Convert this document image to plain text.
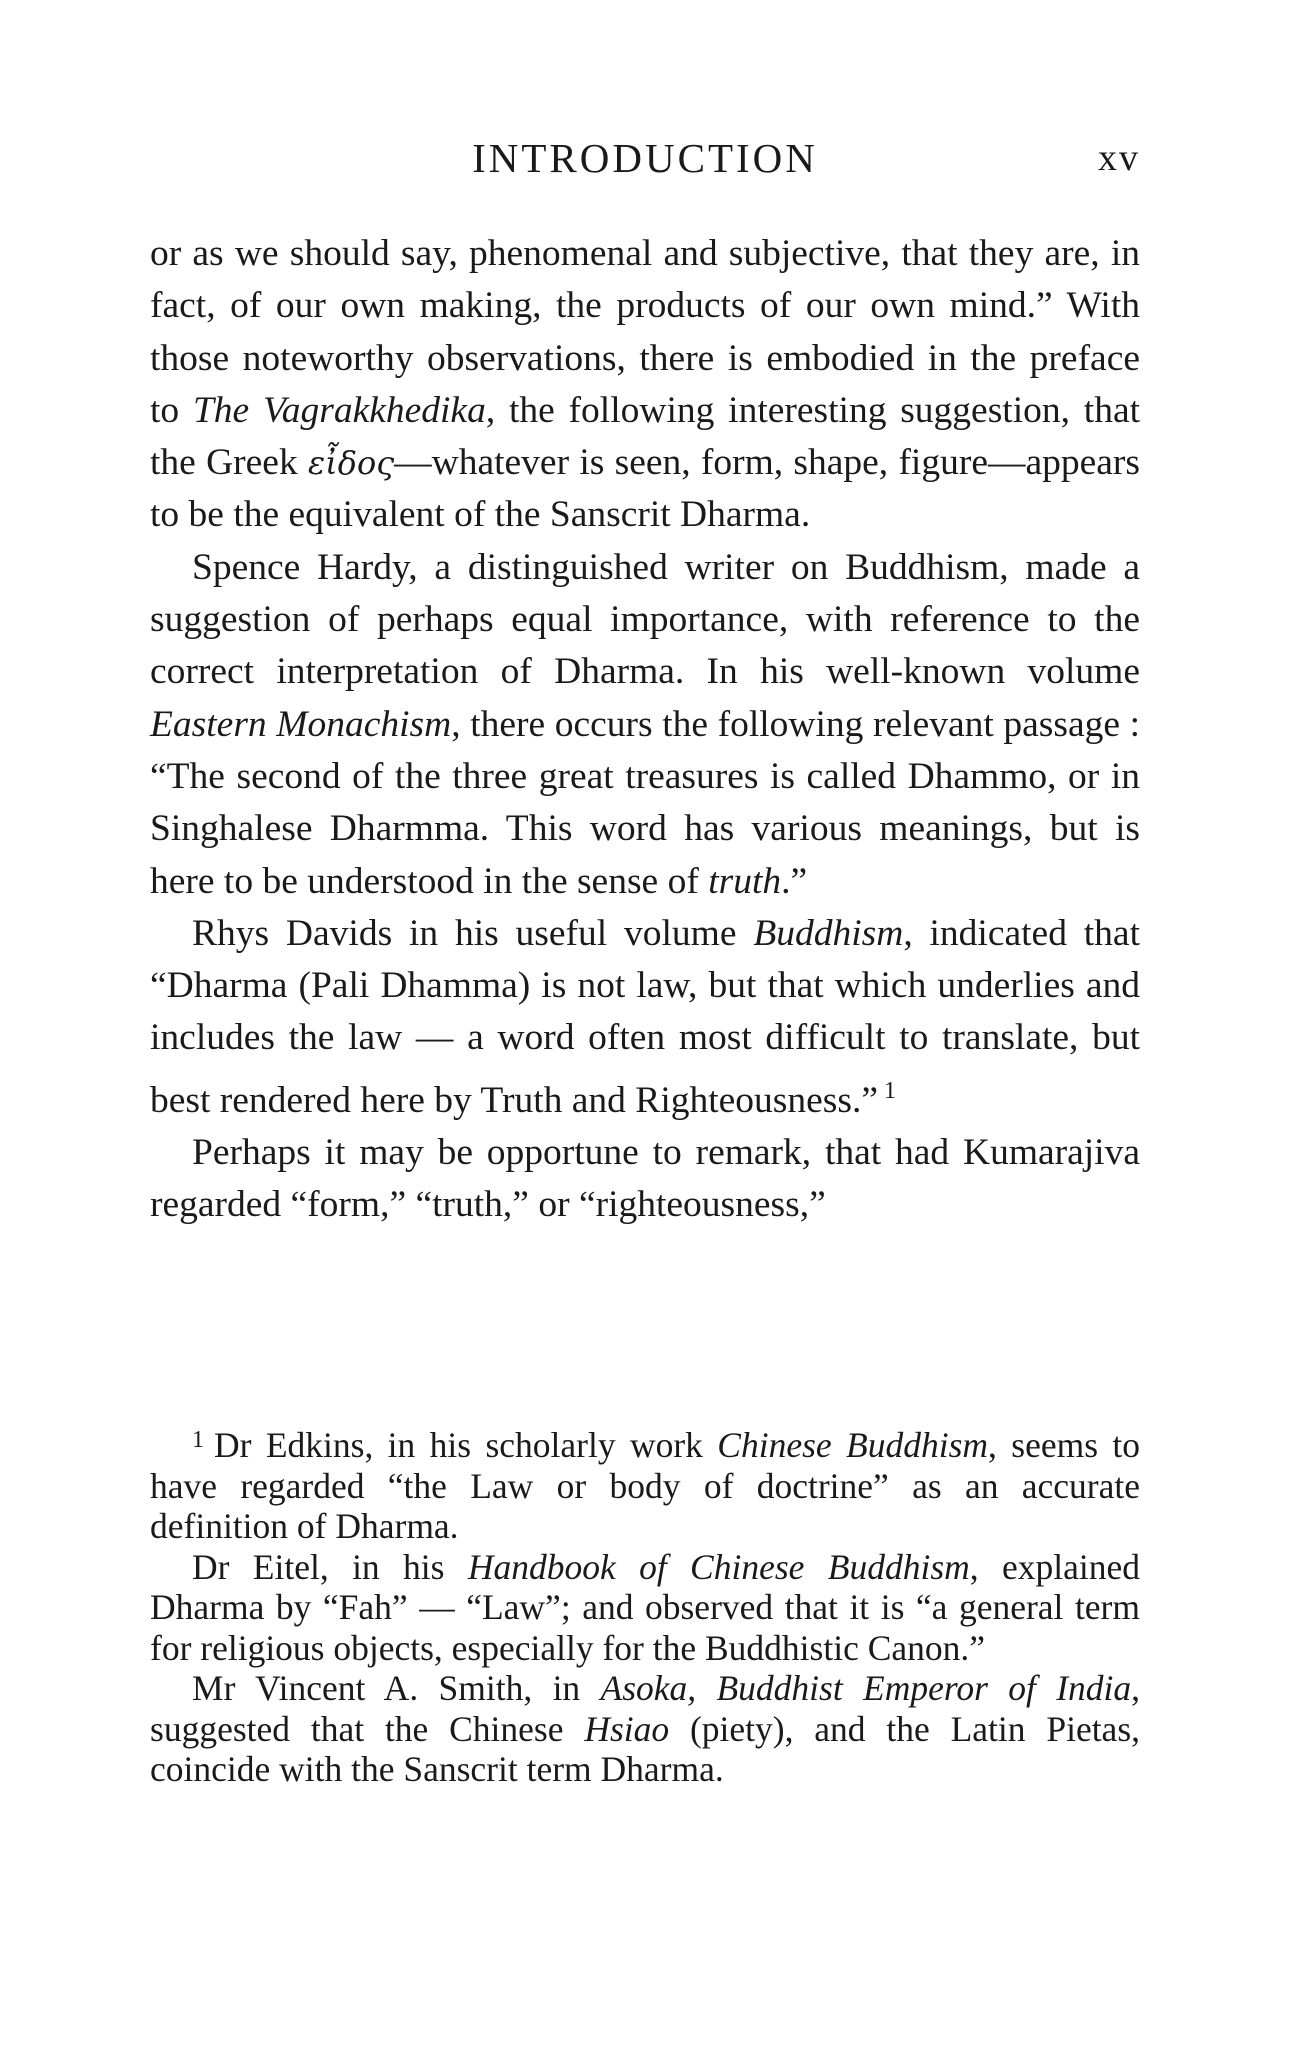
INTRODUCTION	xv

or as we should say, phenomenal and subjective, that they are, in fact, of our own making, the products of our own mind.” With those noteworthy observations, there is embodied in the preface to The Vagrakkhedika, the following interesting suggestion, that the Greek εἶδος—whatever is seen, form, shape, figure—appears to be the equivalent of the Sanscrit Dharma.

Spence Hardy, a distinguished writer on Buddhism, made a suggestion of perhaps equal importance, with reference to the correct interpretation of Dharma. In his well-known volume Eastern Monachism, there occurs the following relevant passage : “The second of the three great treasures is called Dhammo, or in Singhalese Dharmma. This word has various meanings, but is here to be understood in the sense of truth.”

Rhys Davids in his useful volume Buddhism, indicated that “Dharma (Pali Dhamma) is not law, but that which underlies and includes the law — a word often most difficult to translate, but best rendered here by Truth and Righteousness.” $^1$

Perhaps it may be opportune to remark, that had Kumarajiva regarded “form,” “truth,” or “righteousness,”

$^1$ Dr Edkins, in his scholarly work Chinese Buddhism, seems to have regarded “the Law or body of doctrine” as an accurate definition of Dharma.

Dr Eitel, in his Handbook of Chinese Buddhism, explained Dharma by “Fah” — “Law”; and observed that it is “a general term for religious objects, especially for the Buddhistic Canon.”

Mr Vincent A. Smith, in Asoka, Buddhist Emperor of India, suggested that the Chinese Hsiao (piety), and the Latin Pietas, coincide with the Sanscrit term Dharma.
